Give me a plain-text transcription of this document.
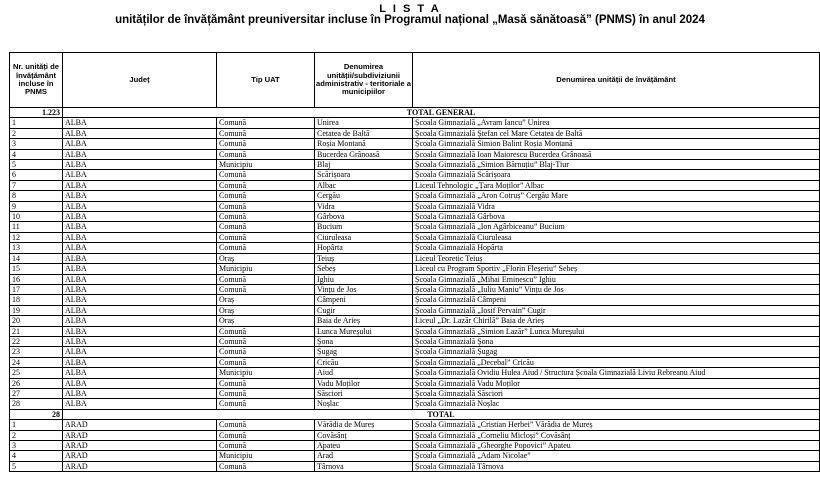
L I S T A
unităților de învățământ preuniversitar incluse în Programul național „Masă sănătoasă” (PNMS) în anul 2024
Nr. unități de învățământ incluse în PNMS	Județ	Tip UAT	Denumirea unității/subdiviziunii administrativ - teritoriale a municipiilor	Denumirea unității de învățământ
1.223	TOTAL GENERAL			
1	ALBA	Comună	Unirea	Școala Gimnazială „Avram Iancu” Unirea
2	ALBA	Comună	Cetatea de Baltă	Școala Gimnazială Ștefan cel Mare Cetatea de Baltă
3	ALBA	Comună	Roșia Montană	Școala Gimnazială Simion Balint Roșia Montană
4	ALBA	Comună	Bucerdea Grânoasă	Școala Gimnazială Ioan Maiorescu Bucerdea Grânoasă
5	ALBA	Municipiu	Blaj	Școala Gimnazială „Simion Bărnuțiu” Blaj-Tiur
6	ALBA	Comună	Scărișoara	Școala Gimnazială Scărișoara
7	ALBA	Comună	Albac	Liceul Tehnologic „Țara Moților” Albac
8	ALBA	Comună	Cergău	Școala Gimnazială „Aron Cotruș” Cergău Mare
9	ALBA	Comună	Vidra	Școala Gimnazială Vidra
10	ALBA	Comună	Gârbova	Școala Gimnazială Gârbova
11	ALBA	Comună	Bucium	Școala Gimnazială „Ion Agârbiceanu” Bucium
12	ALBA	Comună	Ciuruleasa	Școala Gimnazială Ciuruleasa
13	ALBA	Comună	Hopârta	Școala Gimnazială Hopârta
14	ALBA	Oraș	Teiuș	Liceul Teoretic Teiuș
15	ALBA	Municipiu	Sebeș	Liceul cu Program Sportiv „Florin Fleșeriu” Sebeș
16	ALBA	Comună	Ighiu	Școala Gimnazială „Mihai Eminescu” Ighiu
17	ALBA	Comună	Vințu de Jos	Școala Gimnazială „Iuliu Maniu” Vințu de Jos
18	ALBA	Oraș	Câmpeni	Școala Gimnazială Câmpeni
19	ALBA	Oraș	Cugir	Școala Gimnazială „Iosif Pervain” Cugir
20	ALBA	Oraș	Baia de Arieș	Liceul „Dr. Lazăr Chirilă” Baia de Arieș
21	ALBA	Comună	Lunca Mureșului	Școala Gimnazială „Simion Lazăr” Lunca Mureșului
22	ALBA	Comună	Șona	Școala Gimnazială Șona
23	ALBA	Comună	Șugag	Școala Gimnazială Șugag
24	ALBA	Comună	Cricău	Școala Gimnazială „Decebal” Cricău
25	ALBA	Municipiu	Aiud	Școala Gimnazială Ovidiu Hulea Aiud / Structura Școala Gimnazială Liviu Rebreanu Aiud
26	ALBA	Comună	Vadu Moților	Școala Gimnazială Vadu Moților
27	ALBA	Comună	Săsciori	Școala Gimnazială Săsciori
28	ALBA	Comună	Noșlac	Școala Gimnazială Noșlac
28	TOTAL			
1	ARAD	Comună	Vărădia de Mureș	Școala Gimnazială „Cristian Herbei” Vărădia de Mureș
2	ARAD	Comună	Covăsânț	Școala Gimnazială „Corneliu Micloși” Covăsânț
3	ARAD	Comună	Apateu	Școala Gimnazială „Gheorghe Popovici” Apateu
4	ARAD	Municipiu	Arad	Școala Gimnazială „Adam Nicolae”
5	ARAD	Comună	Târnova	Școala Gimnazială Târnova
